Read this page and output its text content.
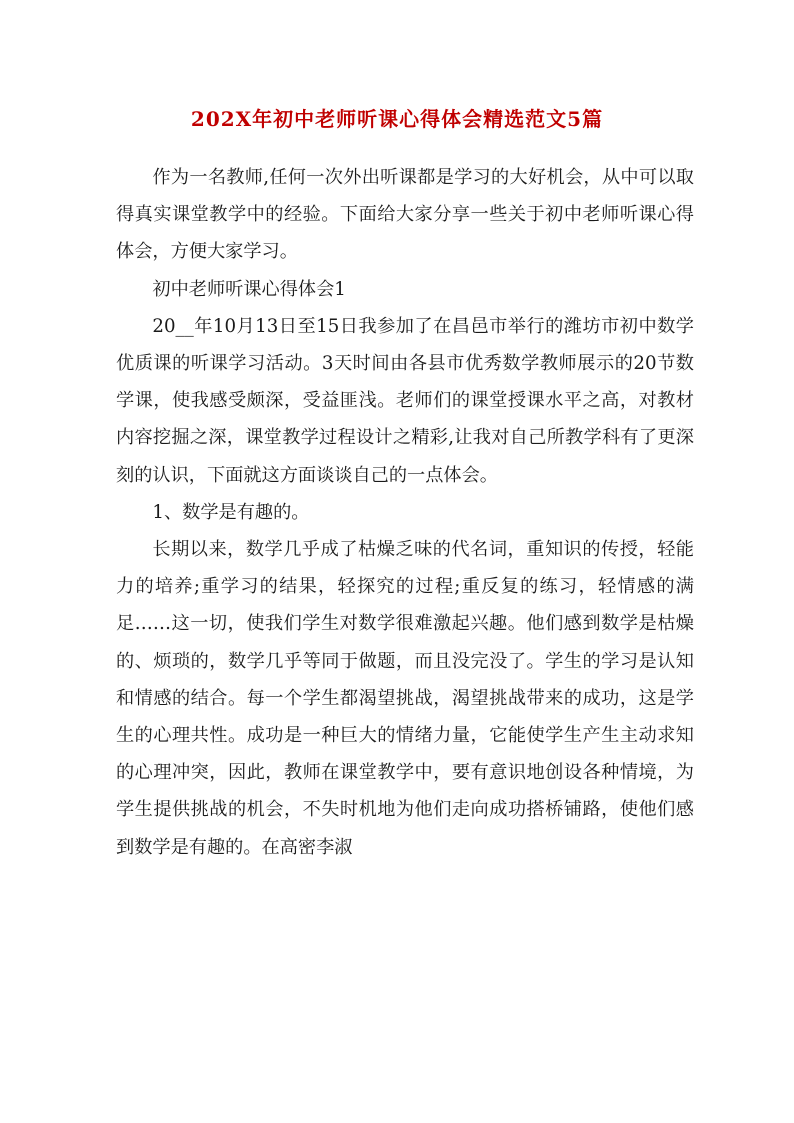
202X年初中老师听课心得体会精选范文5篇

作为一名教师,任何一次外出听课都是学习的大好机会，从中可以取得真实课堂教学中的经验。下面给大家分享一些关于初中老师听课心得体会，方便大家学习。

初中老师听课心得体会1

20__年10月13日至15日我参加了在昌邑市举行的潍坊市初中数学优质课的听课学习活动。3天时间由各县市优秀数学教师展示的20节数学课，使我感受颇深，受益匪浅。老师们的课堂授课水平之高，对教材内容挖掘之深，课堂教学过程设计之精彩,让我对自己所教学科有了更深刻的认识，下面就这方面谈谈自己的一点体会。

1、数学是有趣的。

长期以来，数学几乎成了枯燥乏味的代名词，重知识的传授，轻能力的培养;重学习的结果，轻探究的过程;重反复的练习，轻情感的满足……这一切，使我们学生对数学很难激起兴趣。他们感到数学是枯燥的、烦琐的，数学几乎等同于做题，而且没完没了。学生的学习是认知和情感的结合。每一个学生都渴望挑战，渴望挑战带来的成功，这是学生的心理共性。成功是一种巨大的情绪力量，它能使学生产生主动求知的心理冲突，因此，教师在课堂教学中，要有意识地创设各种情境，为学生提供挑战的机会，不失时机地为他们走向成功搭桥铺路，使他们感到数学是有趣的。在高密李淑
